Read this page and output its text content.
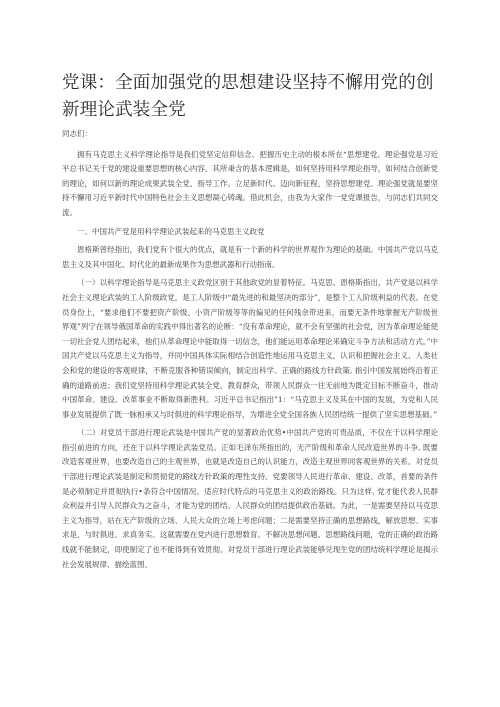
党课：全面加强党的思想建设坚持不懈用党的创新理论武装全党

同志们：

拥有马克思主义科学理论指导是我们党坚定信仰信念、把握历史主动的根本所在“思想建党、理论强党是习近平总书记关于党的建设重要思想的核心内容，其所秉含的基本逻辑是，如何坚持用科学理论指导，如何结合创新党的理论，如何以新的理论成果武装全党、指导工作。立足新时代、迈向新征程，坚持思想建党、理论强党就是要坚持不懈用习近平新时代中国特色社会主义思想凝心铸魂。借此机会，由我为大家作一党党课报告，与同志们共同交流。

一、中国共产党是用科学理论武装起来的马克思主义政党

恩格斯曾经指出，我们党有个很大的优点，就是有一个新的科学的世界观作为理论的基础。中国共产党以马克思主义及其中国化、时代化的最新成果作为思想武器和行动指南。

（一）以科学理论指导是马克思主义政党区别于其他政党的显着特征。马克思、恩格斯指出，共产党是以科学社会主义理论武装的工人阶级政党，是工人阶级中“最先进的和最坚决的部分”，是整个工人阶级利益的代表。在党员身份上，“要求他们不要把资产阶级、小资产阶级等等的偏见的任何残余带进来，而要无条件地掌握无产阶级世界观”列宁在领导俄国革命的实践中得出著名的论断：“没有革命理论，就不会有坚强的社会党，因为革命理论能使一切社会党人团结起来，他们从革命理论中能取得一切信念，他们能运用革命理论来确定斗争方法和活动方式。”中国共产党以马克思主义为指导，并同中国具体实际相结合创造性地运用马克思主义，认识和把握社会主义、人类社会和党的建设的客观规律，不断克服各种错误倾向，制定出科学、正确的路线方针政策, 指引中国发展始终沿着正确的道路前进；我们党坚持用科学理论武装全党、教育群众，带领人民群众一往无前地为既定目标不断奋斗，推动中国革命、建设、改革事业不断取得新胜利。习近平总书记指出”1：“马克思主义及其在中国的发展，为党和人民事业发展提供了既一脉相承又与时俱进的科学理论指导，为增进全党全国各族人民团结统一提供了坚实思想基础。”

（二）对党员干部进行理论武装是中国共产党的显著政治优势•中国共产党的可贵品质，不仅在于以科学理论指引前进的方向，还在于以科学理论武装党员。正如毛泽东所指出的，无产阶级和革命人民改造世界的斗争, 既要改造客观世界，也要改造自己的主观世界，也就是改造自己的认识能力，改造主观世界同客观世界的关系。对党员干部进行理论武装是制定和贯彻党的路线方针政策的理性支持。党要领导人民进行革命、建设、改革，首要的条件是必须制定并贯彻执行•条符合中国情况、适应时代特点的马克思主义的政治路线。只为这样, 党才能代表人民群众利益并引导人民群众为之奋斗，才能为党的团结、人民群众的团结提供政治基础。为此，一是需要坚持以马克思主义为指导，站在无产阶级的立场、人民大众的立场上考虑问题；二是需要坚持正确的思想路线，解放思想、实事求是、与时俱进、求真务实。这就需要在党内进行思想数育。不解决思想问题、思想路线问题，党的正确的政治路线就不能制定，即使制定了也不能得到有效贯彻。对党员干部进行理论武装能够兑现生党的团结统科学理论是揭示社会发展规律、描绘蓝图、
